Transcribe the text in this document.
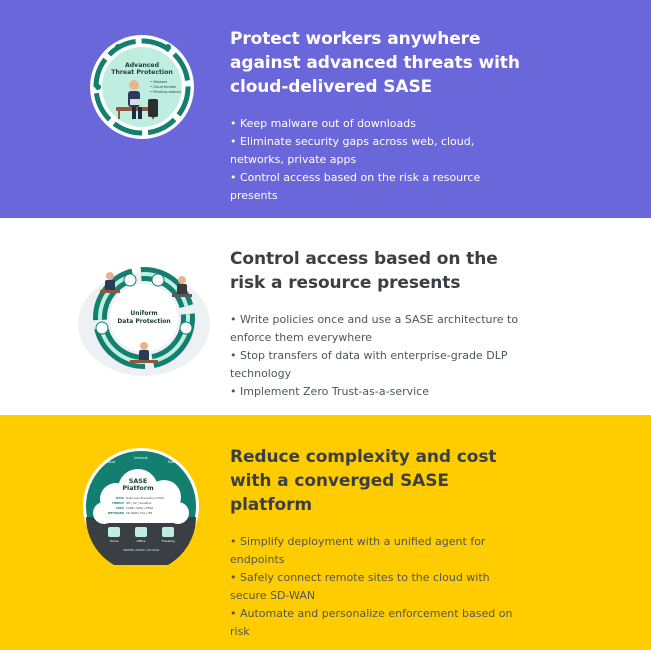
Advanced
Threat Protection
• Malware
• Cloud threats
• Phishing attacks
Protect workers anywhere against advanced threats with cloud-delivered SASE
• Keep malware out of downloads
• Eliminate security gaps across web, cloud, networks, private apps
• Control access based on the risk a resource presents
Uniform
Data Protection
Control access based on the risk a resource presents
• Write policies once and use a SASE architecture to enforce them everywhere
• Stop transfers of data with enterprise-grade DLP technology
• Implement Zero Trust-as-a-service
Cloud
Internet
SaaS
SASE
Platform
DATA Data Loss Prevention (DLP)
THREAT IPS | AV | Sandbox
APPS CASB | SWG | ZTNA
NETWORK SD-WAN | SSL | IPS
Home	Office	Traveling
UNIFIED AGENT | SD-WAN
Reduce complexity and cost with a converged SASE platform
• Simplify deployment with a unified agent for endpoints
• Safely connect remote sites to the cloud with secure SD-WAN
• Automate and personalize enforcement based on risk
